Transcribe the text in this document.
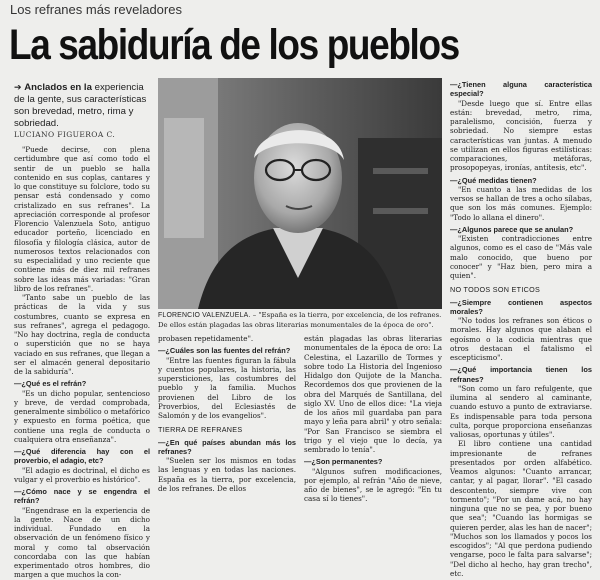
Los refranes más reveladores
La sabiduría de los pueblos
➔ Anclados en la experiencia de la gente, sus características son brevedad, metro, rima y sobriedad.
LUCIANO FIGUEROA C.

"Puede decirse, con plena certidumbre que así como todo el sentir de un pueblo se halla contenido en sus coplas, cantares y lo que constituye su folclore, todo su pensar está condensado y como cristalizado en sus refranes". La apreciación corresponde al profesor Florencio Valenzuela Soto, antiguo educador porteño, licenciado en filosofía y filología clásica, autor de numerosos textos relacionados con su especialidad y uno reciente que contiene más de diez mil refranes sobre las ideas más variadas: "Gran libro de los refranes".

"Tanto sabe un pueblo de las prácticas de la vida y sus costumbres, cuanto se expresa en sus refranes", agrega el pedagogo. "No hay doctrina, regla de conducta o superstición que no se haya vaciado en sus refranes, que llegan a ser el almacén general depositario de la sabiduría".

—¿Qué es el refrán?

"Es un dicho popular, sentencioso y breve, de verdad comprobada, generalmente simbólico o metafórico y expuesto en forma poética, que contiene una regla de conducta o cualquiera otra enseñanza".

—¿Qué diferencia hay con el proverbio, el adagio, etc?

"El adagio es doctrinal, el dicho es vulgar y el proverbio es histórico".

—¿Cómo nace y se engendra el refrán?

"Engendrase en la experiencia de la gente. Nace de un dicho individual. Fundado en la observación de un fenómeno físico y moral y como tal observación concordaba con las que habían experimentado otros hombres, dio margen a que muchos la con-

FLORENCIO VALENZUELA. – "España es la tierra, por excelencia, de los refranes. De ellos están plagadas las obras literarias monumentales de la época de oro".

probasen repetidamente".

—¿Cuáles son las fuentes del refrán?

"Entre las fuentes figuran la fábula y cuentos populares, la historia, las supersticiones, las costumbres del pueblo y la familia. Muchos provienen del Libro de los Proverbios, del Eclesiastés de Salomón y de los evangelios".

TIERRA DE REFRANES

—¿En qué países abundan más los refranes?

"Suelen ser los mismos en todas las lenguas y en todas las naciones. España es la tierra, por excelencia, de los refranes. De ellos

están plagadas las obras literarias monumentales de la época de oro: La Celestina, el Lazarillo de Tormes y sobre todo La Historia del Ingenioso Hidalgo don Quijote de la Mancha. Recordemos dos que provienen de la obra del Marqués de Santillana, del siglo XV. Uno de ellos dice: "La vieja de los años mil guardaba pan para mayo y leña para abril" y otro señala: "Por San Francisco se siembra el trigo y el viejo que lo decía, ya sembrado lo tenía".

—¿Son permanentes?

"Algunos sufren modificaciones, por ejemplo, al refrán "Año de nieve, año de bienes", se le agregó: "En tu casa sí lo tienes".

—¿Tienen alguna característica especial?

"Desde luego que sí. Entre ellas están: brevedad, metro, rima, paralelismo, concisión, fuerza y sobriedad. No siempre estas características van juntas. A menudo se utilizan en ellos figuras estilísticas: comparaciones, metáforas, prosopopeyas, ironías, antítesis, etc".

—¿Qué medidas tienen?

"En cuanto a las medidas de los versos se hallan de tres a ocho sílabas, que son los más comunes. Ejemplo: "Todo lo allana el dinero".

—¿Algunos parece que se anulan?

"Existen contradicciones entre algunos, como es el caso de "Más vale malo conocido, que bueno por conocer" y "Haz bien, pero mira a quien".

NO TODOS SON ETICOS

—¿Siempre contienen aspectos morales?

"No todos los refranes son éticos o morales. Hay algunos que alaban el egoísmo o la codicia mientras que otros destacan el fatalismo el escepticismo".

—¿Qué importancia tienen los refranes?

"Son como un faro refulgente, que ilumina al sendero al caminante, cuando estuvo a punto de extraviarse. Es indispensable para toda persona culta, porque proporciona enseñanzas valiosas, oportunas y útiles".

El libro contiene una cantidad impresionante de refranes presentados por orden alfabético. Veamos algunos: "Cuanto arrancar, cantar, y al pagar, llorar". "El casado descontento, siempre vive con tormento"; "Por un dame acá, no hay ninguna que no se pea, y por bueno que sea"; "Cuando las hormigas se quieren perder, alas les han de nacer"; "Muchos son los llamados y pocos los escogidos"; "Al que perdona pudiendo vengarse, poco le falta para salvarse"; "Del dicho al hecho, hay gran trecho", etc.
